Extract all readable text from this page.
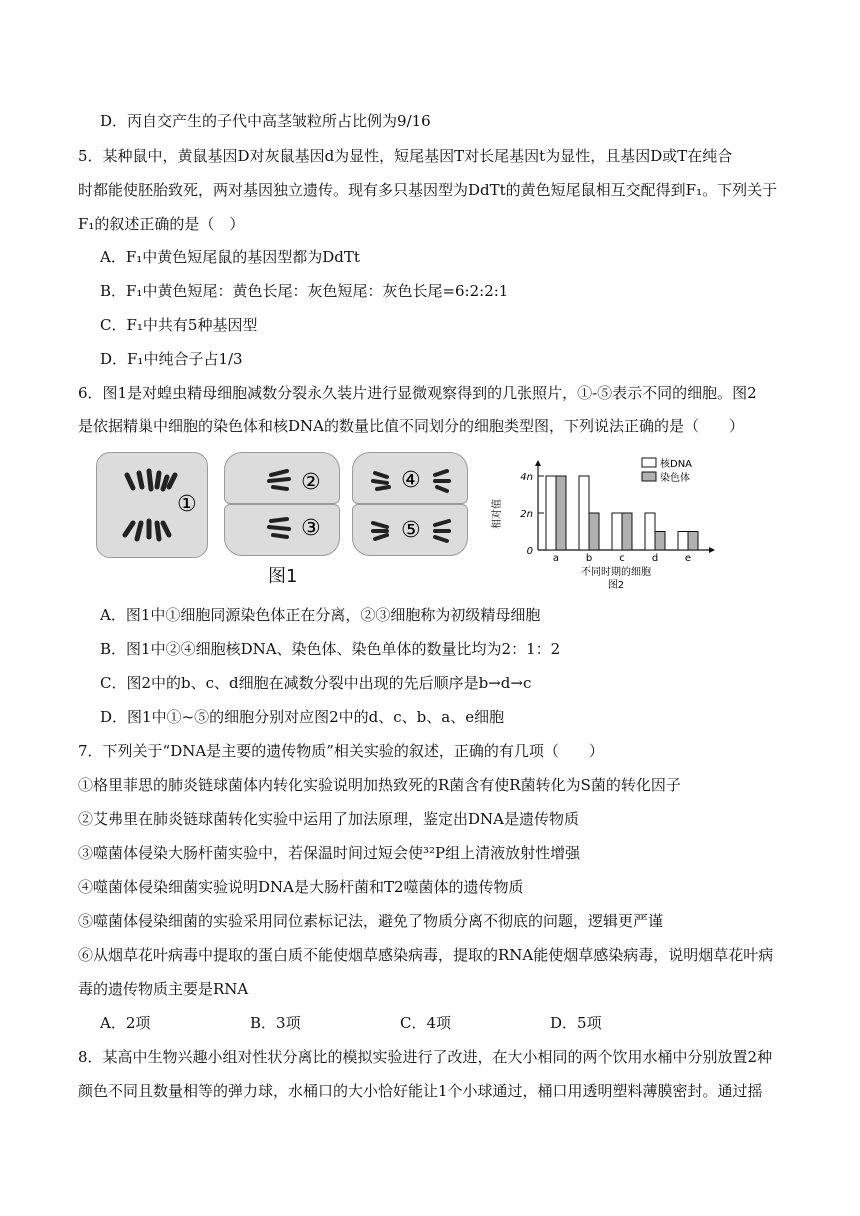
D．丙自交产生的子代中高茎皱粒所占比例为9/16
5．某种鼠中，黄鼠基因D对灰鼠基因d为显性，短尾基因T对长尾基因t为显性，且基因D或T在纯合
时都能使胚胎致死，两对基因独立遗传。现有多只基因型为DdTt的黄色短尾鼠相互交配得到F₁。下列关于
F₁的叙述正确的是（　）
A．F₁中黄色短尾鼠的基因型都为DdTt
B．F₁中黄色短尾：黄色长尾：灰色短尾：灰色长尾=6:2:2:1
C．F₁中共有5种基因型
D．F₁中纯合子占1/3
6．图1是对蝗虫精母细胞减数分裂永久装片进行显微观察得到的几张照片，①-⑤表示不同的细胞。图2
是依据精巢中细胞的染色体和核DNA的数量比值不同划分的细胞类型图，下列说法正确的是（　　）
①
②
③
④
⑤
图1
0
2n
4n
相对值
a	b	c	d	e
不同时期的细胞
图2
核DNA
染色体
A．图1中①细胞同源染色体正在分离，②③细胞称为初级精母细胞
B．图1中②④细胞核DNA、染色体、染色单体的数量比均为2：1：2
C．图2中的b、c、d细胞在减数分裂中出现的先后顺序是b→d→c
D．图1中①~⑤的细胞分别对应图2中的d、c、b、a、e细胞
7．下列关于“DNA是主要的遗传物质”相关实验的叙述，正确的有几项（　　）
①格里菲思的肺炎链球菌体内转化实验说明加热致死的R菌含有使R菌转化为S菌的转化因子
②艾弗里在肺炎链球菌转化实验中运用了加法原理，鉴定出DNA是遗传物质
③噬菌体侵染大肠杆菌实验中，若保温时间过短会使³²P组上清液放射性增强
④噬菌体侵染细菌实验说明DNA是大肠杆菌和T2噬菌体的遗传物质
⑤噬菌体侵染细菌的实验采用同位素标记法，避免了物质分离不彻底的问题，逻辑更严谨
⑥从烟草花叶病毒中提取的蛋白质不能使烟草感染病毒，提取的RNA能使烟草感染病毒，说明烟草花叶病
毒的遗传物质主要是RNA
A．2项	B．3项	C．4项	D．5项
8．某高中生物兴趣小组对性状分离比的模拟实验进行了改进，在大小相同的两个饮用水桶中分别放置2种
颜色不同且数量相等的弹力球，水桶口的大小恰好能让1个小球通过，桶口用透明塑料薄膜密封。通过摇
